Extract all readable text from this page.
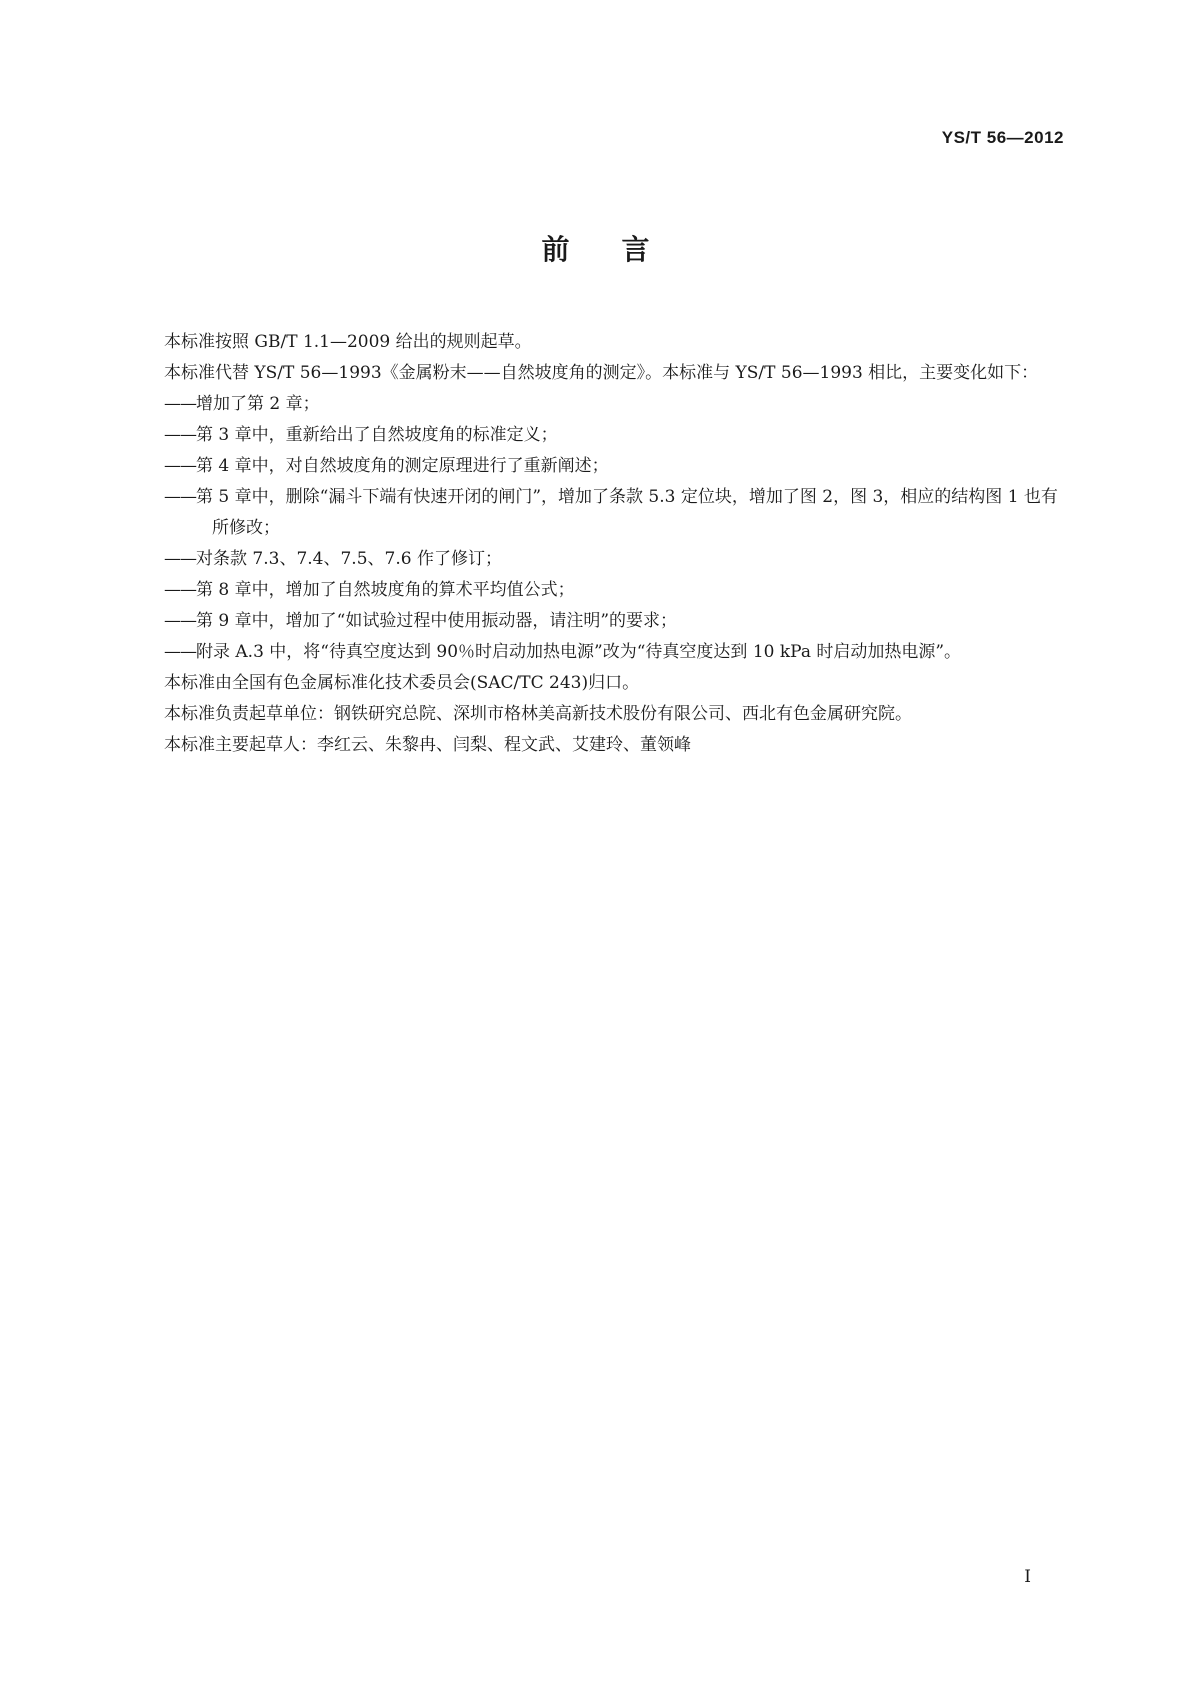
YS/T 56—2012
前 言

本标准按照 GB/T 1.1—2009 给出的规则起草。

本标准代替 YS/T 56—1993《金属粉末——自然坡度角的测定》。本标准与 YS/T 56—1993 相比，主要变化如下：

——增加了第 2 章；

——第 3 章中，重新给出了自然坡度角的标准定义；

——第 4 章中，对自然坡度角的测定原理进行了重新阐述；

——第 5 章中，删除“漏斗下端有快速开闭的闸门”，增加了条款 5.3 定位块，增加了图 2，图 3，相应的结构图 1 也有所修改；

——对条款 7.3、7.4、7.5、7.6 作了修订；

——第 8 章中，增加了自然坡度角的算术平均值公式；

——第 9 章中，增加了“如试验过程中使用振动器，请注明”的要求；

——附录 A.3 中，将“待真空度达到 90％时启动加热电源”改为“待真空度达到 10 kPa 时启动加热电源”。

本标准由全国有色金属标准化技术委员会(SAC/TC 243)归口。

本标准负责起草单位：钢铁研究总院、深圳市格林美高新技术股份有限公司、西北有色金属研究院。

本标准主要起草人：李红云、朱黎冉、闫梨、程文武、艾建玲、董领峰

I
